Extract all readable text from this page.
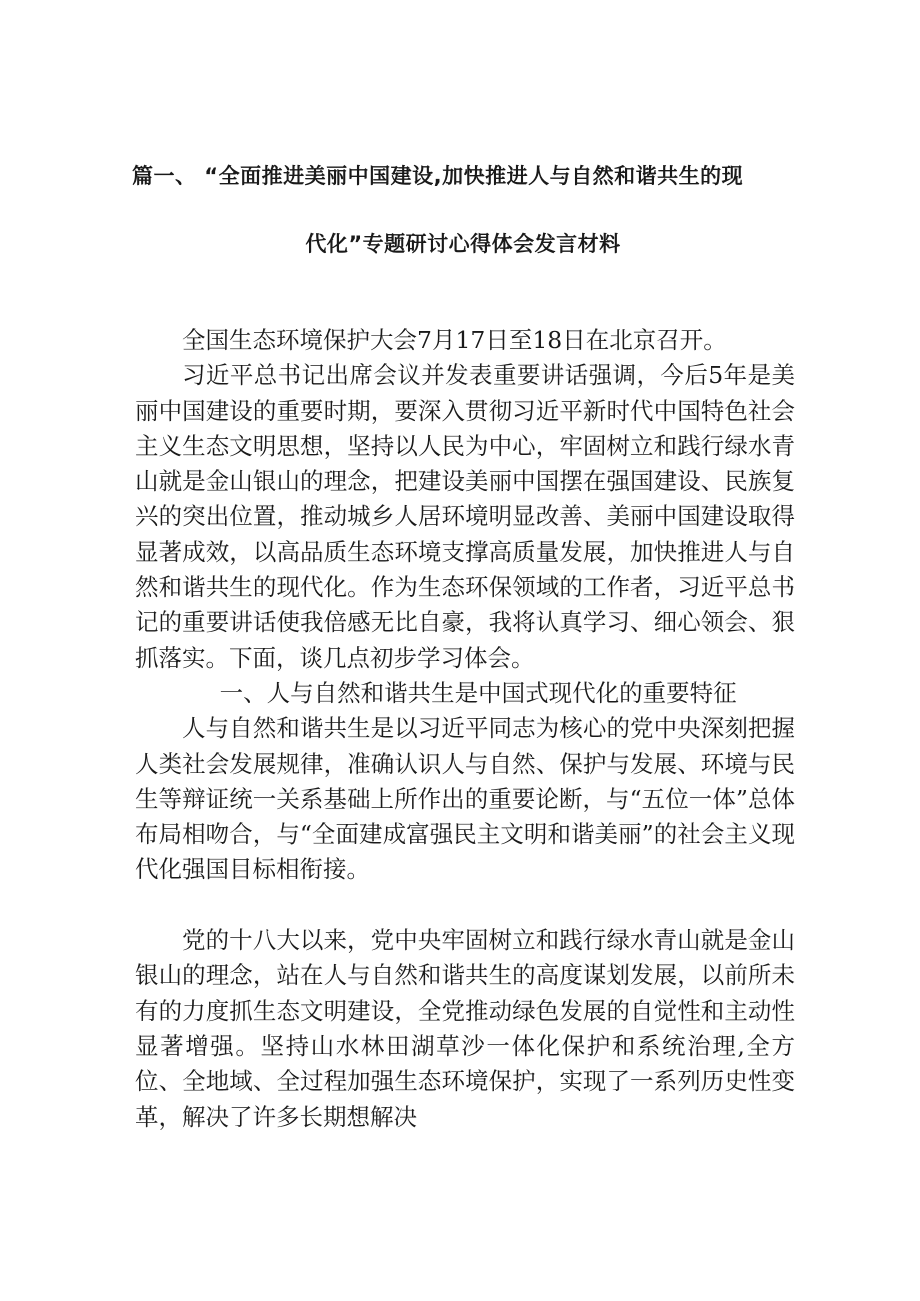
篇一、 “全面推进美丽中国建设,加快推进人与自然和谐共生的现
代化”专题研讨心得体会发言材料

全国生态环境保护大会7月17日至18日在北京召开。

习近平总书记出席会议并发表重要讲话强调，今后5年是美丽中国建设的重要时期，要深入贯彻习近平新时代中国特色社会主义生态文明思想，坚持以人民为中心，牢固树立和践行绿水青山就是金山银山的理念，把建设美丽中国摆在强国建设、民族复兴的突出位置，推动城乡人居环境明显改善、美丽中国建设取得显著成效，以高品质生态环境支撑高质量发展，加快推进人与自然和谐共生的现代化。作为生态环保领域的工作者，习近平总书记的重要讲话使我倍感无比自豪，我将认真学习、细心领会、狠抓落实。下面，谈几点初步学习体会。

一、人与自然和谐共生是中国式现代化的重要特征

人与自然和谐共生是以习近平同志为核心的党中央深刻把握人类社会发展规律，准确认识人与自然、保护与发展、环境与民生等辩证统一关系基础上所作出的重要论断，与“五位一体”总体布局相吻合，与“全面建成富强民主文明和谐美丽”的社会主义现代化强国目标相衔接。

党的十八大以来，党中央牢固树立和践行绿水青山就是金山银山的理念，站在人与自然和谐共生的高度谋划发展，以前所未有的力度抓生态文明建设，全党推动绿色发展的自觉性和主动性显著增强。坚持山水林田湖草沙一体化保护和系统治理,全方位、全地域、全过程加强生态环境保护，实现了一系列历史性变革，解决了许多长期想解决
